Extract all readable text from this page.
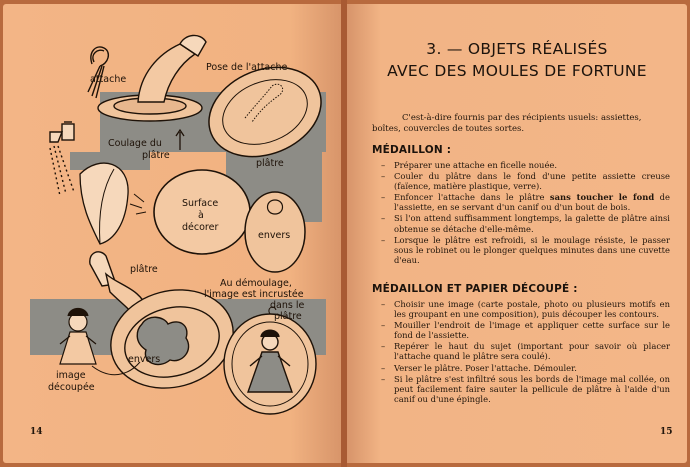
attache
Pose de l'attache
Coulage du
plâtre
plâtre
Surface
à
décorer
envers
plâtre
Au démoulage,
l'image est incrustée
dans le
plâtre
envers
image
découpée
14
3. — OBJETS RÉALISÉS
AVEC DES MOULES DE FORTUNE
C'est-à-dire fournis par des récipients usuels: assiettes, boîtes, couvercles de toutes sortes.
MÉDAILLON :
– Préparer une attache en ficelle nouée.
– Couler du plâtre dans le fond d'une petite assiette creuse (faïence, matière plastique, verre).
– Enfoncer l'attache dans le plâtre sans toucher le fond de l'assiette, en se servant d'un canif ou d'un bout de bois.
– Si l'on attend suffisamment longtemps, la galette de plâtre ainsi obtenue se détache d'elle-même.
– Lorsque le plâtre est refroidi, si le moulage résiste, le passer sous le robinet ou le plonger quelques minutes dans une cuvette d'eau.
MÉDAILLON ET PAPIER DÉCOUPÉ :
– Choisir une image (carte postale, photo ou plusieurs motifs en les groupant en une composition), puis découper les contours.
– Mouiller l'endroit de l'image et appliquer cette surface sur le fond de l'assiette.
– Repérer le haut du sujet (important pour savoir où placer l'attache quand le plâtre sera coulé).
– Verser le plâtre. Poser l'attache. Démouler.
– Si le plâtre s'est infiltré sous les bords de l'image mal collée, on peut facilement faire sauter la pellicule de plâtre à l'aide d'un canif ou d'une épingle.
15
